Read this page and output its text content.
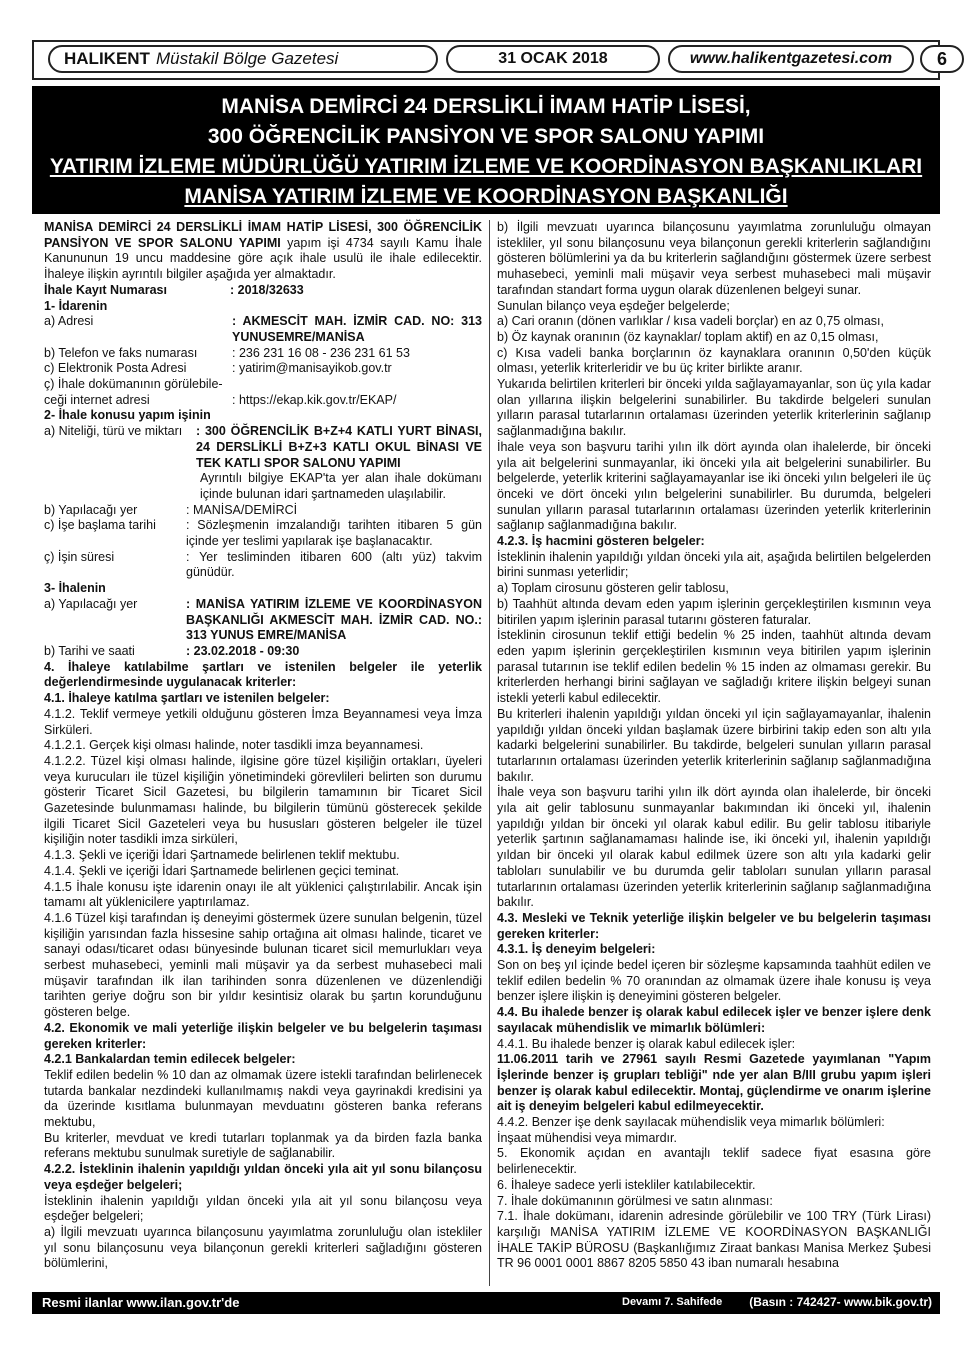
HALIKENT Müstakil Bölge Gazetesi	31 OCAK 2018	www.halikentgazetesi.com	6
MANİSA DEMİRCİ 24 DERSLİKLİ İMAM HATİP LİSESİ,
300 ÖĞRENCİLİK PANSİYON VE SPOR SALONU YAPIMI
YATIRIM İZLEME MÜDÜRLÜĞÜ YATIRIM İZLEME VE KOORDİNASYON BAŞKANLIKLARI
MANİSA YATIRIM İZLEME VE KOORDİNASYON BAŞKANLIĞI

MANİSA DEMİRCİ 24 DERSLİKLİ İMAM HATİP LİSESİ, 300 ÖĞRENCİLİK PANSİYON VE SPOR SALONU YAPIMI yapım işi 4734 sayılı Kamu İhale Kanununun 19 uncu maddesine göre açık ihale usulü ile ihale edilecektir. İhaleye ilişkin ayrıntılı bilgiler aşağıda yer almaktadır.

İhale Kayıt Numarası	: 2018/32633

1- İdarenin

a) Adresi	: AKMESCİT MAH. İZMİR CAD. NO: 313 YUNUSEMRE/MANİSA
b) Telefon ve faks numarası	: 236 231 16 08 - 236 231 61 53
c) Elektronik Posta Adresi	: yatirim@manisayikob.gov.tr

ç) İhale dokümanının görülebile-

ceği internet adresi	: https://ekap.kik.gov.tr/EKAP/

2- İhale konusu yapım işinin

a) Niteliği, türü ve miktarı	: 300 ÖĞRENCİLİK B+Z+4 KATLI YURT BİNASI, 24 DERSLİKLİ B+Z+3 KATLI OKUL BİNASI VE TEK KATLI SPOR SALONU YAPIMI

Ayrıntılı bilgiye EKAP'ta yer alan ihale dokümanı içinde bulunan idari şartnameden ulaşılabilir.

b) Yapılacağı yer	: MANİSA/DEMİRCİ
c) İşe başlama tarihi	: Sözleşmenin imzalandığı tarihten itibaren 5 gün içinde yer teslimi yapılarak işe başlanacaktır.
ç) İşin süresi	: Yer tesliminden itibaren 600 (altı yüz) takvim günüdür.

3- İhalenin

a) Yapılacağı yer	: MANİSA YATIRIM İZLEME VE KOORDİNASYON BAŞKANLIĞI AKMESCİT MAH. İZMİR CAD. NO.: 313 YUNUS EMRE/MANİSA
b) Tarihi ve saati	: 23.02.2018 - 09:30

4. İhaleye katılabilme şartları ve istenilen belgeler ile yeterlik değerlendirmesinde uygulanacak kriterler:

4.1. İhaleye katılma şartları ve istenilen belgeler:

4.1.2. Teklif vermeye yetkili olduğunu gösteren İmza Beyannamesi veya İmza Sirküleri.

4.1.2.1. Gerçek kişi olması halinde, noter tasdikli imza beyannamesi.

4.1.2.2. Tüzel kişi olması halinde, ilgisine göre tüzel kişiliğin ortakları, üyeleri veya kurucuları ile tüzel kişiliğin yönetimindeki görevlileri belirten son durumu gösterir Ticaret Sicil Gazetesi, bu bilgilerin tamamının bir Ticaret Sicil Gazetesinde bulunmaması halinde, bu bilgilerin tümünü gösterecek şekilde ilgili Ticaret Sicil Gazeteleri veya bu hususları gösteren belgeler ile tüzel kişiliğin noter tasdikli imza sirküleri,

4.1.3. Şekli ve içeriği İdari Şartnamede belirlenen teklif mektubu.

4.1.4. Şekli ve içeriği İdari Şartnamede belirlenen geçici teminat.

4.1.5 İhale konusu işte idarenin onayı ile alt yüklenici çalıştırılabilir. Ancak işin tamamı alt yüklenicilere yaptırılamaz.

4.1.6 Tüzel kişi tarafından iş deneyimi göstermek üzere sunulan belgenin, tüzel kişiliğin yarısından fazla hissesine sahip ortağına ait olması halinde, ticaret ve sanayi odası/ticaret odası bünyesinde bulunan ticaret sicil memurlukları veya serbest muhasebeci, yeminli mali müşavir ya da serbest muhasebeci mali müşavir tarafından ilk ilan tarihinden sonra düzenlenen ve düzenlendiği tarihten geriye doğru son bir yıldır kesintisiz olarak bu şartın korunduğunu gösteren belge.

4.2. Ekonomik ve mali yeterliğe ilişkin belgeler ve bu belgelerin taşıması gereken kriterler:

4.2.1 Bankalardan temin edilecek belgeler:

Teklif edilen bedelin % 10 dan az olmamak üzere istekli tarafından belirlenecek tutarda bankalar nezdindeki kullanılmamış nakdi veya gayrinakdi kredisini ya da üzerinde kısıtlama bulunmayan mevduatını gösteren banka referans mektubu,

Bu kriterler, mevduat ve kredi tutarları toplanmak ya da birden fazla banka referans mektubu sunulmak suretiyle de sağlanabilir.

4.2.2. İsteklinin ihalenin yapıldığı yıldan önceki yıla ait yıl sonu bilançosu veya eşdeğer belgeleri;

İsteklinin ihalenin yapıldığı yıldan önceki yıla ait yıl sonu bilançosu veya eşdeğer belgeleri;

a) İlgili mevzuatı uyarınca bilançosunu yayımlatma zorunluluğu olan istekliler yıl sonu bilançosunu veya bilançonun gerekli kriterleri sağladığını gösteren bölümlerini,

b) İlgili mevzuatı uyarınca bilançosunu yayımlatma zorunluluğu olmayan istekliler, yıl sonu bilançosunu veya bilançonun gerekli kriterlerin sağlandığını gösteren bölümlerini ya da bu kriterlerin sağlandığını göstermek üzere serbest muhasebeci, yeminli mali müşavir veya serbest muhasebeci mali müşavir tarafından standart forma uygun olarak düzenlenen belgeyi sunar.

Sunulan bilanço veya eşdeğer belgelerde;

a) Cari oranın (dönen varlıklar / kısa vadeli borçlar) en az 0,75 olması,

b) Öz kaynak oranının (öz kaynaklar/ toplam aktif) en az 0,15 olması,

c) Kısa vadeli banka borçlarının öz kaynaklara oranının 0,50'den küçük olması, yeterlik kriterleridir ve bu üç kriter birlikte aranır.

Yukarıda belirtilen kriterleri bir önceki yılda sağlayamayanlar, son üç yıla kadar olan yıllarına ilişkin belgelerini sunabilirler. Bu takdirde belgeleri sunulan yılların parasal tutarlarının ortalaması üzerinden yeterlik kriterlerinin sağlanıp sağlanmadığına bakılır.

İhale veya son başvuru tarihi yılın ilk dört ayında olan ihalelerde, bir önceki yıla ait belgelerini sunmayanlar, iki önceki yıla ait belgelerini sunabilirler. Bu belgelerde, yeterlik kriterini sağlayamayanlar ise iki önceki yılın belgeleri ile üç önceki ve dört önceki yılın belgelerini sunabilirler. Bu durumda, belgeleri sunulan yılların parasal tutarlarının ortalaması üzerinden yeterlik kriterlerinin sağlanıp sağlanmadığına bakılır.

4.2.3. İş hacmini gösteren belgeler:

İsteklinin ihalenin yapıldığı yıldan önceki yıla ait, aşağıda belirtilen belgelerden birini sunması yeterlidir;

a) Toplam cirosunu gösteren gelir tablosu,

b) Taahhüt altında devam eden yapım işlerinin gerçekleştirilen kısmının veya bitirilen yapım işlerinin parasal tutarını gösteren faturalar.

İsteklinin cirosunun teklif ettiği bedelin % 25 inden, taahhüt altında devam eden yapım işlerinin gerçekleştirilen kısmının veya bitirilen yapım işlerinin parasal tutarının ise teklif edilen bedelin % 15 inden az olmaması gerekir. Bu kriterlerden herhangi birini sağlayan ve sağladığı kritere ilişkin belgeyi sunan istekli yeterli kabul edilecektir.

Bu kriterleri ihalenin yapıldığı yıldan önceki yıl için sağlayamayanlar, ihalenin yapıldığı yıldan önceki yıldan başlamak üzere birbirini takip eden son altı yıla kadarki belgelerini sunabilirler. Bu takdirde, belgeleri sunulan yılların parasal tutarlarının ortalaması üzerinden yeterlik kriterlerinin sağlanıp sağlanmadığına bakılır.

İhale veya son başvuru tarihi yılın ilk dört ayında olan ihalelerde, bir önceki yıla ait gelir tablosunu sunmayanlar bakımından iki önceki yıl, ihalenin yapıldığı yıldan bir önceki yıl olarak kabul edilir. Bu gelir tablosu itibariyle yeterlik şartının sağlanamaması halinde ise, iki önceki yıl, ihalenin yapıldığı yıldan bir önceki yıl olarak kabul edilmek üzere son altı yıla kadarki gelir tabloları sunulabilir ve bu durumda gelir tabloları sunulan yılların parasal tutarlarının ortalaması üzerinden yeterlik kriterlerinin sağlanıp sağlanmadığına bakılır.

4.3. Mesleki ve Teknik yeterliğe ilişkin belgeler ve bu belgelerin taşıması gereken kriterler:

4.3.1. İş deneyim belgeleri:

Son on beş yıl içinde bedel içeren bir sözleşme kapsamında taahhüt edilen ve teklif edilen bedelin % 70 oranından az olmamak üzere ihale konusu iş veya benzer işlere ilişkin iş deneyimini gösteren belgeler.

4.4. Bu ihalede benzer iş olarak kabul edilecek işler ve benzer işlere denk sayılacak mühendislik ve mimarlık bölümleri:

4.4.1. Bu ihalede benzer iş olarak kabul edilecek işler:

11.06.2011 tarih ve 27961 sayılı Resmi Gazetede yayımlanan "Yapım İşlerinde benzer iş grupları tebliği" nde yer alan B/III grubu yapım işleri benzer iş olarak kabul edilecektir. Montaj, güçlendirme ve onarım işlerine ait iş deneyim belgeleri kabul edilmeyecektir.

4.4.2. Benzer işe denk sayılacak mühendislik veya mimarlık bölümleri:

İnşaat mühendisi veya mimardır.

5. Ekonomik açıdan en avantajlı teklif sadece fiyat esasına göre belirlenecektir.

6. İhaleye sadece yerli istekliler katılabilecektir.

7. İhale dokümanının görülmesi ve satın alınması:

7.1. İhale dokümanı, idarenin adresinde görülebilir ve 100 TRY (Türk Lirası) karşılığı MANİSA YATIRIM İZLEME VE KOORDİNASYON BAŞKANLIĞI İHALE TAKİP BÜROSU (Başkanlığımız Ziraat bankası Manisa Merkez Şubesi TR 96 0001 0001 8867 8205 5850 43 iban numaralı hesabına

Resmi ilanlar www.ilan.gov.tr'de	Devamı 7. Sahifede (Basın : 742427- www.bik.gov.tr)
